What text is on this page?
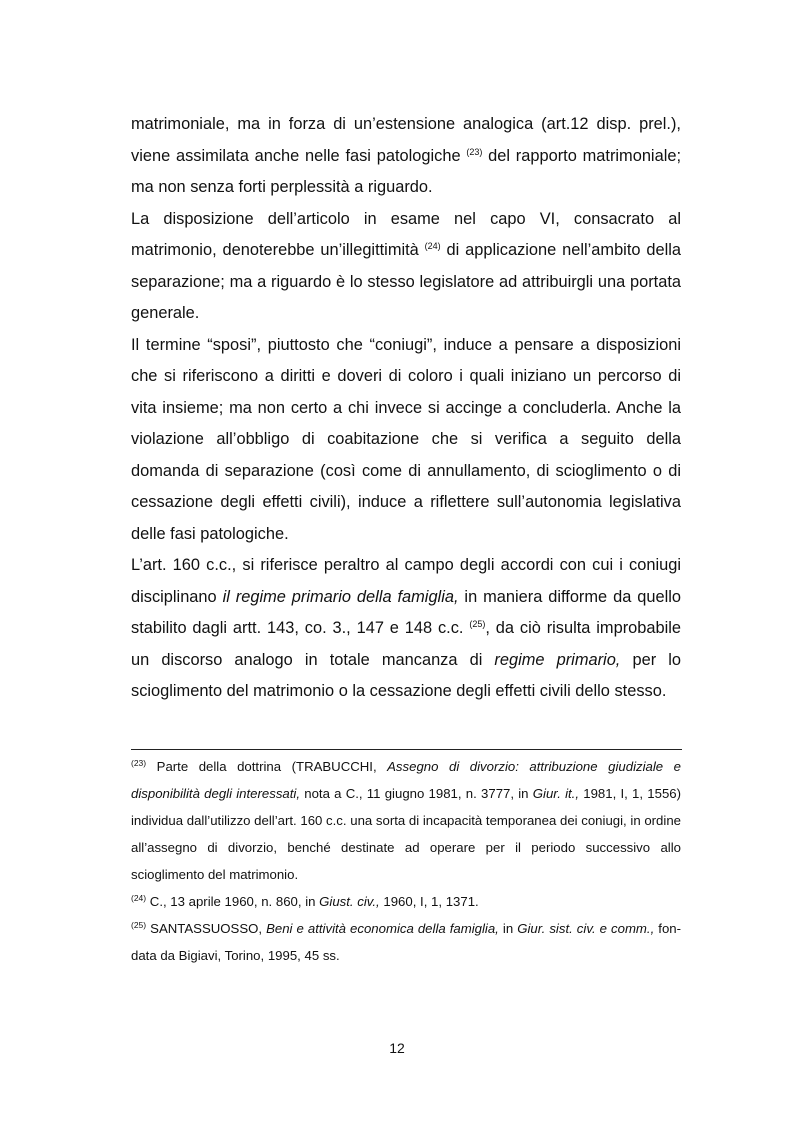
matrimoniale, ma in forza di un’estensione analogica (art.12 disp. prel.), viene assimilata anche nelle fasi patologiche $^{(23)}$ del rapporto matrimoniale; ma non senza forti perplessità a riguardo.

La disposizione dell’articolo in esame nel capo VI, consacrato al matrimonio, denoterebbe un’illegittimità $^{(24)}$ di applicazione nell’ambito della separazione; ma a riguardo è lo stesso legislatore ad attribuirgli una portata generale.

Il termine “sposi”, piuttosto che “coniugi”, induce a pensare a disposizioni che si riferiscono a diritti e doveri di coloro i quali iniziano un percorso di vita insieme; ma non certo a chi invece si accinge a concluderla. Anche la violazione all’obbligo di coabitazione che si verifica a seguito della domanda di separazione (così come di annullamento, di scioglimento o di cessazione degli effetti civili), induce a riflettere sull’autonomia legislativa delle fasi patologiche.

L’art. 160 c.c., si riferisce peraltro al campo degli accordi con cui i coniugi disciplinano il regime primario della famiglia, in maniera difforme da quello stabilito dagli artt. 143, co. 3., 147 e 148 c.c. $^{(25)}$, da ciò risulta improbabile un discorso analogo in totale mancanza di regime primario, per lo scioglimento del matrimonio o la cessazione degli effetti civili dello stesso.

$^{(23)}$ Parte della dottrina (TRABUCCHI, Assegno di divorzio: attribuzione giudiziale e disponibilità degli interessati, nota a C., 11 giugno 1981, n. 3777, in Giur. it., 1981, I, 1, 1556) individua dall’utilizzo dell’art. 160 c.c. una sorta di incapacità temporanea dei coniugi, in ordine all’assegno di divorzio, benché destinate ad operare per il periodo successivo allo scioglimento del matrimonio.

$^{(24)}$ C., 13 aprile 1960, n. 860, in Giust. civ., 1960, I, 1, 1371.

$^{(25)}$ SANTASSUOSSO, Beni e attività economica della famiglia, in Giur. sist. civ. e comm., fon-data da Bigiavi, Torino, 1995, 45 ss.

12
